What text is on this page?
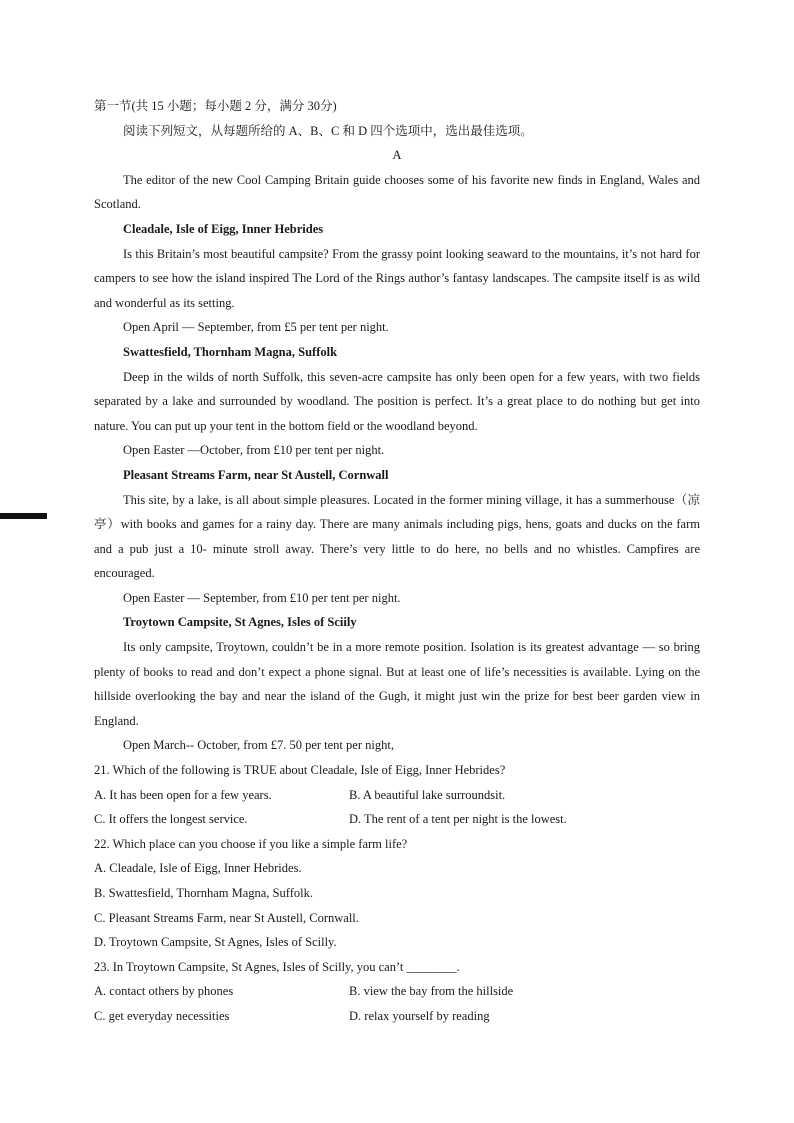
第一节(共 15 小题；每小题 2 分，满分 30分)
阅读下列短文，从每题所给的 A、B、C 和 D 四个选项中，选出最佳选项。
A
The editor of the new Cool Camping Britain guide chooses some of his favorite new finds in England, Wales and Scotland.
Cleadale, Isle of Eigg, Inner Hebrides
Is this Britain’s most beautiful campsite? From the grassy point looking seaward to the mountains, it’s not hard for campers to see how the island inspired The Lord of the Rings author’s fantasy landscapes. The campsite itself is as wild and wonderful as its setting.
Open April — September, from £5 per tent per night.
Swattesfield, Thornham Magna, Suffolk
Deep in the wilds of north Suffolk, this seven-acre campsite has only been open for a few years, with two fields separated by a lake and surrounded by woodland. The position is perfect. It’s a great place to do nothing but get into nature. You can put up your tent in the bottom field or the woodland beyond.
Open Easter —October, from £10 per tent per night.
Pleasant Streams Farm, near St Austell, Cornwall
This site, by a lake, is all about simple pleasures. Located in the former mining village, it has a summerhouse（凉亭）with books and games for a rainy day. There are many animals including pigs, hens, goats and ducks on the farm and a pub just a 10- minute stroll away. There’s very little to do here, no bells and no whistles. Campfires are encouraged.
Open Easter — September, from £10 per tent per night.
Troytown Campsite, St Agnes, Isles of Sciily
Its only campsite, Troytown, couldn’t be in a more remote position. Isolation is its greatest advantage — so bring plenty of books to read and don’t expect a phone signal. But at least one of life’s necessities is available. Lying on the hillside overlooking the bay and near the island of the Gugh, it might just win the prize for best beer garden view in England.
Open March-- October, from £7. 50 per tent per night,
21. Which of the following is TRUE about Cleadale, Isle of Eigg, Inner Hebrides?
A. It has been open for a few years.	B. A beautiful lake surroundsit.
C. It offers the longest service.	D. The rent of a tent per night is the lowest.
22. Which place can you choose if you like a simple farm life?
A. Cleadale, Isle of Eigg, Inner Hebrides.
B. Swattesfield, Thornham Magna, Suffolk.
C. Pleasant Streams Farm, near St Austell, Cornwall.
D. Troytown Campsite, St Agnes, Isles of Scilly.
23. In Troytown Campsite, St Agnes, Isles of Scilly, you can’t ________.
A. contact others by phones	B. view the bay from the hillside
C. get everyday necessities	D. relax yourself by reading
